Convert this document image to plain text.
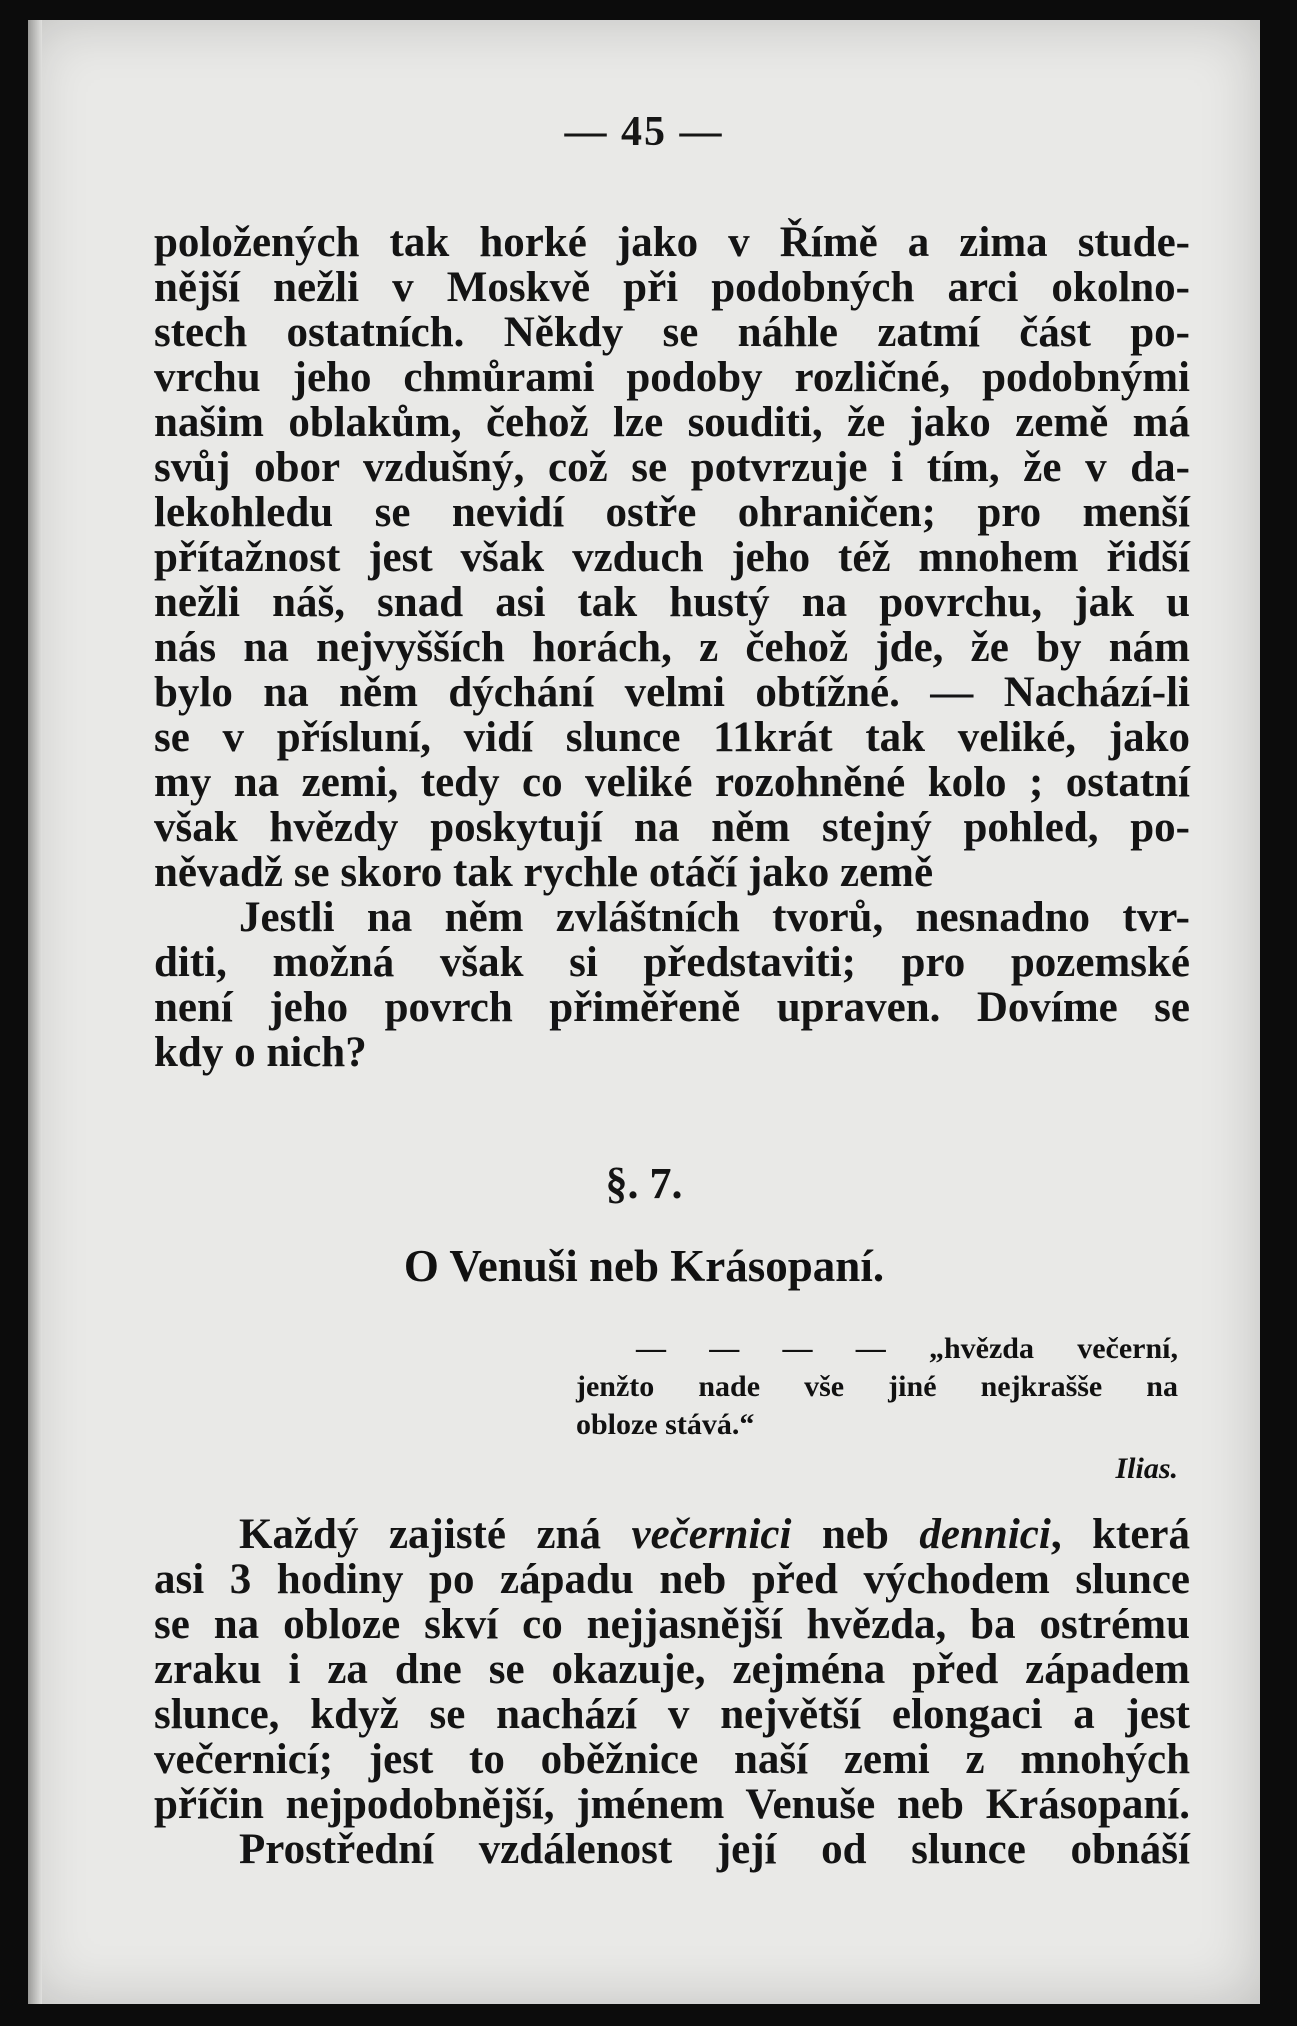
— 45 —
položených tak horké jako v Římě a zima stude-
nější nežli v Moskvě při podobných arci okolno-
stech ostatních. Někdy se náhle zatmí část po-
vrchu jeho chmůrami podoby rozličné, podobnými
našim oblakům, čehož lze souditi, že jako země má
svůj obor vzdušný, což se potvrzuje i tím, že v da-
lekohledu se nevidí ostře ohraničen; pro menší
přítažnost jest však vzduch jeho též mnohem řidší
nežli náš, snad asi tak hustý na povrchu, jak u
nás na nejvyšších horách, z čehož jde, že by nám
bylo na něm dýchání velmi obtížné. — Nachází-li
se v přísluní, vidí slunce 11krát tak veliké, jako
my na zemi, tedy co veliké rozohněné kolo ; ostatní
však hvězdy poskytují na něm stejný pohled, po-
něvadž se skoro tak rychle otáčí jako země
Jestli na něm zvláštních tvorů, nesnadno tvr-
diti, možná však si představiti; pro pozemské
není jeho povrch přiměřeně upraven. Dovíme se
kdy o nich?
§. 7.
O Venuši neb Krásopaní.
— — — — „hvězda večerní,
jenžto nade vše jiné nejkrašše na
obloze stává.“
Ilias.
Každý zajisté zná večernici neb dennici, která
asi 3 hodiny po západu neb před východem slunce
se na obloze skví co nejjasnější hvězda, ba ostrému
zraku i za dne se okazuje, zejména před západem
slunce, když se nachází v největší elongaci a jest
večernicí; jest to oběžnice naší zemi z mnohých
příčin nejpodobnější, jménem Venuše neb Krásopaní.
Prostřední vzdálenost její od slunce obnáší
